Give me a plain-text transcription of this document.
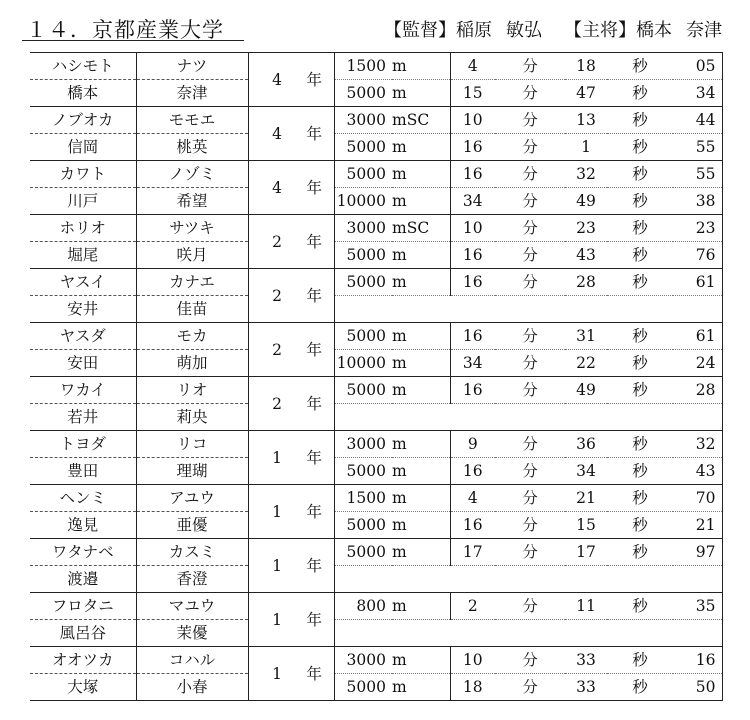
１４．京都産業大学	【監督】稲原 敏弘 【主将】橋本 奈津
ハシモト	ナツ	4 年	1500	m	4	分	18	秒	05
橋本	奈津		5000	m	15	分	47	秒	34
ノブオカ	モモエ	4 年	3000	mSC	10	分	13	秒	44
信岡	桃英		5000	m	16	分	1	秒	55
カワト	ノゾミ	4 年	5000	m	16	分	32	秒	55
川戸	希望		10000	m	34	分	49	秒	38
ホリオ	サツキ	2 年	3000	mSC	10	分	23	秒	23
堀尾	咲月		5000	m	16	分	43	秒	76
ヤスイ	カナエ	2 年	5000	m	16	分	28	秒	61
安井	佳苗								
ヤスダ	モカ	2 年	5000	m	16	分	31	秒	61
安田	萌加		10000	m	34	分	22	秒	24
ワカイ	リオ	2 年	5000	m	16	分	49	秒	28
若井	莉央								
トヨダ	リコ	1 年	3000	m	9	分	36	秒	32
豊田	理瑚		5000	m	16	分	34	秒	43
ヘンミ	アユウ	1 年	1500	m	4	分	21	秒	70
逸見	亜優		5000	m	16	分	15	秒	21
ワタナベ	カスミ	1 年	5000	m	17	分	17	秒	97
渡邉	香澄								
フロタニ	マユウ	1 年	800	m	2	分	11	秒	35
風呂谷	茉優								
オオツカ	コハル	1 年	3000	m	10	分	33	秒	16
大塚	小春		5000	m	18	分	33	秒	50
